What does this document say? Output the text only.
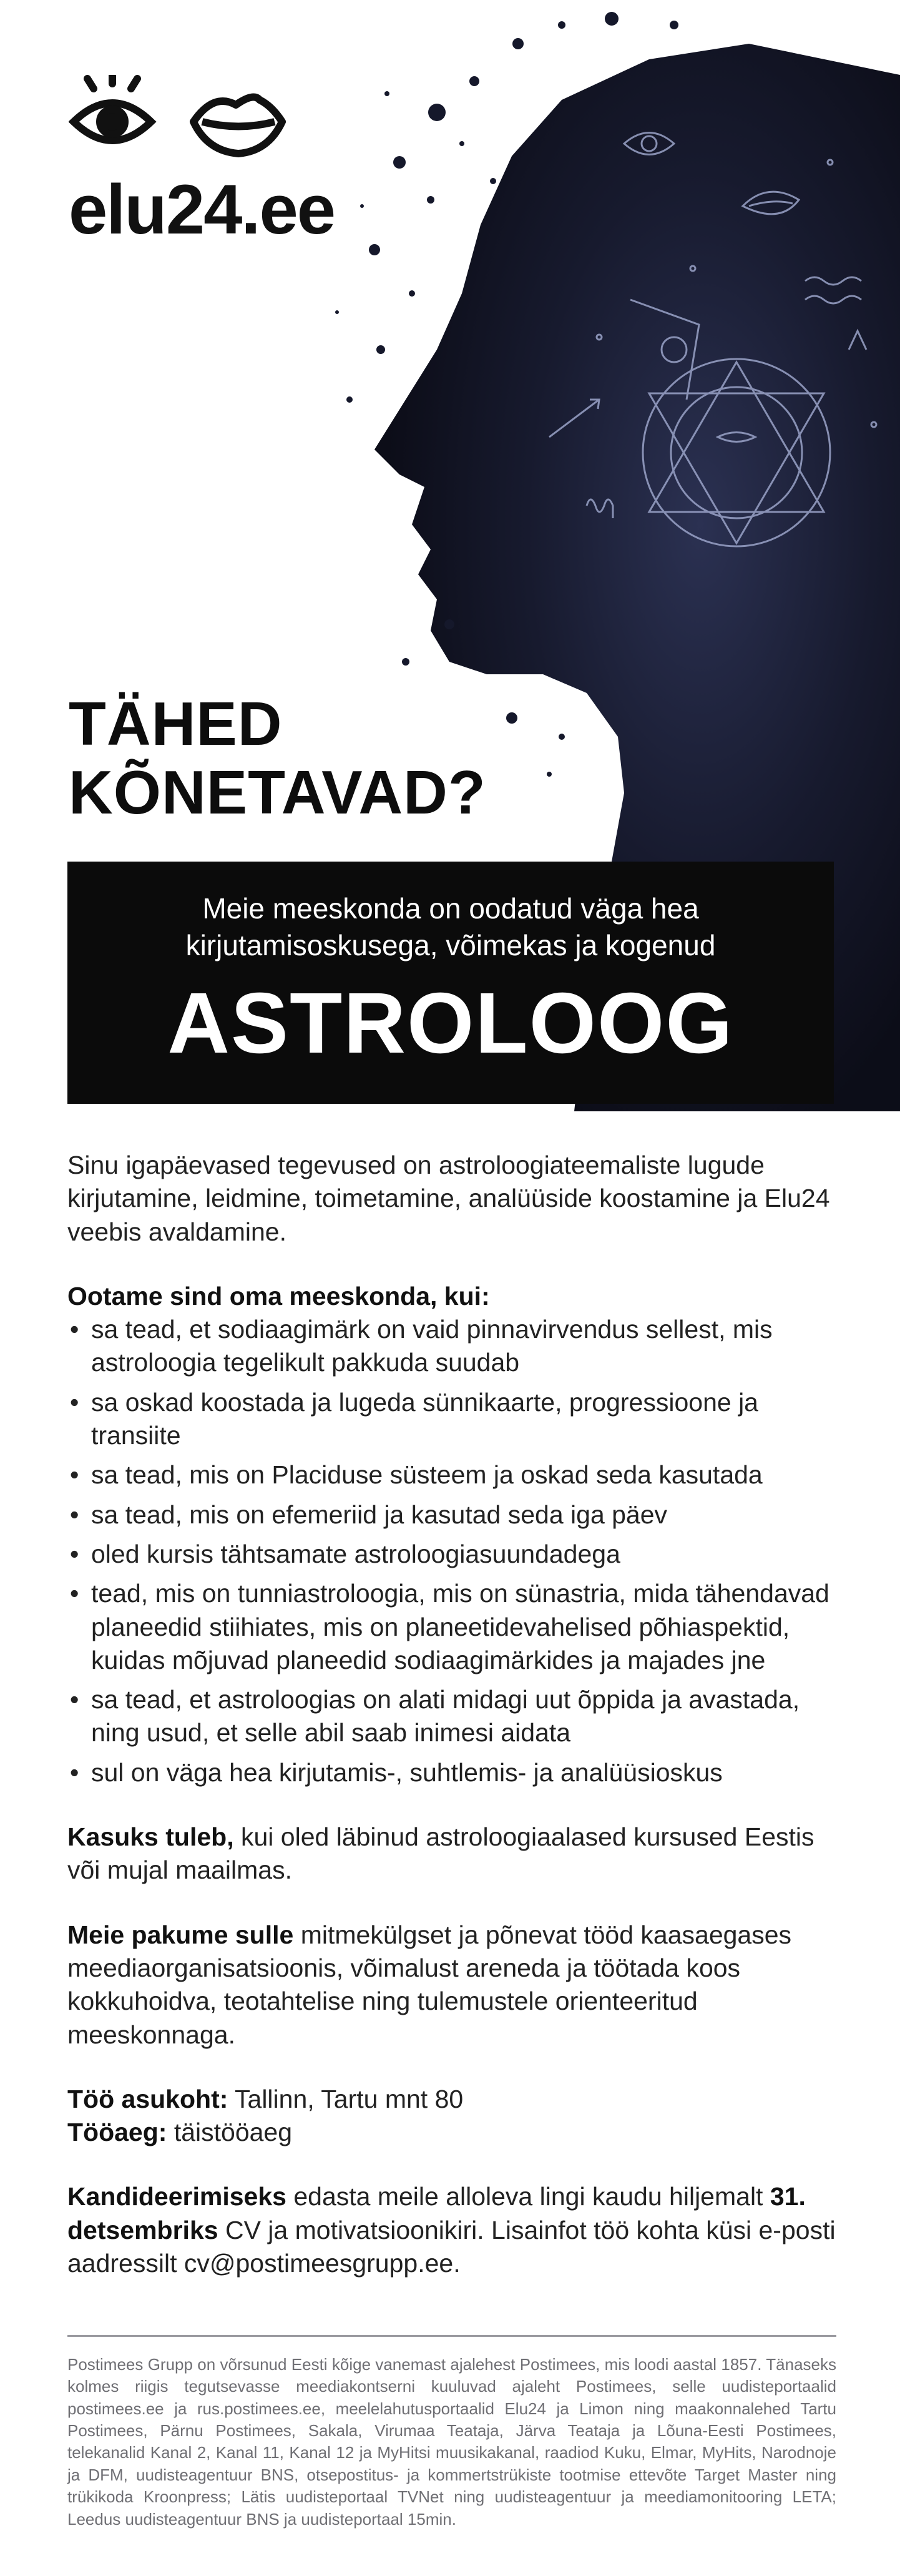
elu24.ee
TÄHED
KÕNETAVAD?
Meie meeskonda on oodatud väga hea
kirjutamisoskusega, võimekas ja kogenud
ASTROLOOG

Sinu igapäevased tegevused on astroloogiateemaliste lugude kirjutamine, leidmine, toimetamine, analüüside koostamine ja Elu24 veebis avaldamine.

Ootame sind oma meeskonda, kui:

• sa tead, et sodiaagimärk on vaid pinnavirvendus sellest, mis astroloogia tegelikult pakkuda suudab
• sa oskad koostada ja lugeda sünnikaarte, progressioone ja transiite
• sa tead, mis on Placiduse süsteem ja oskad seda kasutada
• sa tead, mis on efemeriid ja kasutad seda iga päev
• oled kursis tähtsamate astroloogiasuundadega
• tead, mis on tunniastroloogia, mis on sünastria, mida tähendavad planeedid stiihiates, mis on planeetidevahelised põhiaspektid, kuidas mõjuvad planeedid sodiaagimärkides ja majades jne
• sa tead, et astroloogias on alati midagi uut õppida ja avastada, ning usud, et selle abil saab inimesi aidata
• sul on väga hea kirjutamis-, suhtlemis- ja analüüsioskus

Kasuks tuleb, kui oled läbinud astroloogiaalased kursused Eestis või mujal maailmas.

Meie pakume sulle mitmekülgset ja põnevat tööd kaasaegases meediaorganisatsioonis, võimalust areneda ja töötada koos kokkuhoidva, teotahtelise ning tulemustele orienteeritud meeskonnaga.

Töö asukoht: Tallinn, Tartu mnt 80

Tööaeg: täistööaeg

Kandideerimiseks edasta meile alloleva lingi kaudu hiljemalt 31. detsembriks CV ja motivatsioonikiri. Lisainfot töö kohta küsi e-posti aadressilt cv@postimeesgrupp.ee.

Postimees Grupp on võrsunud Eesti kõige vanemast ajalehest Postimees, mis loodi aastal 1857. Tänaseks kolmes riigis tegutsevasse meediakontserni kuuluvad ajaleht Postimees, selle uudisteportaalid postimees.ee ja rus.postimees.ee, meelelahutusportaalid Elu24 ja Limon ning maakonnalehed Tartu Postimees, Pärnu Postimees, Sakala, Virumaa Teataja, Järva Teataja ja Lõuna-Eesti Postimees, telekanalid Kanal 2, Kanal 11, Kanal 12 ja MyHitsi muusikakanal, raadiod Kuku, Elmar, MyHits, Narodnoje ja DFM, uudisteagentuur BNS, otsepostitus- ja kommertstrükiste tootmise ettevõte Target Master ning trükikoda Kroonpress; Lätis uudisteportaal TVNet ning uudisteagentuur ja meediamonitooring LETA; Leedus uudisteagentuur BNS ja uudisteportaal 15min.
